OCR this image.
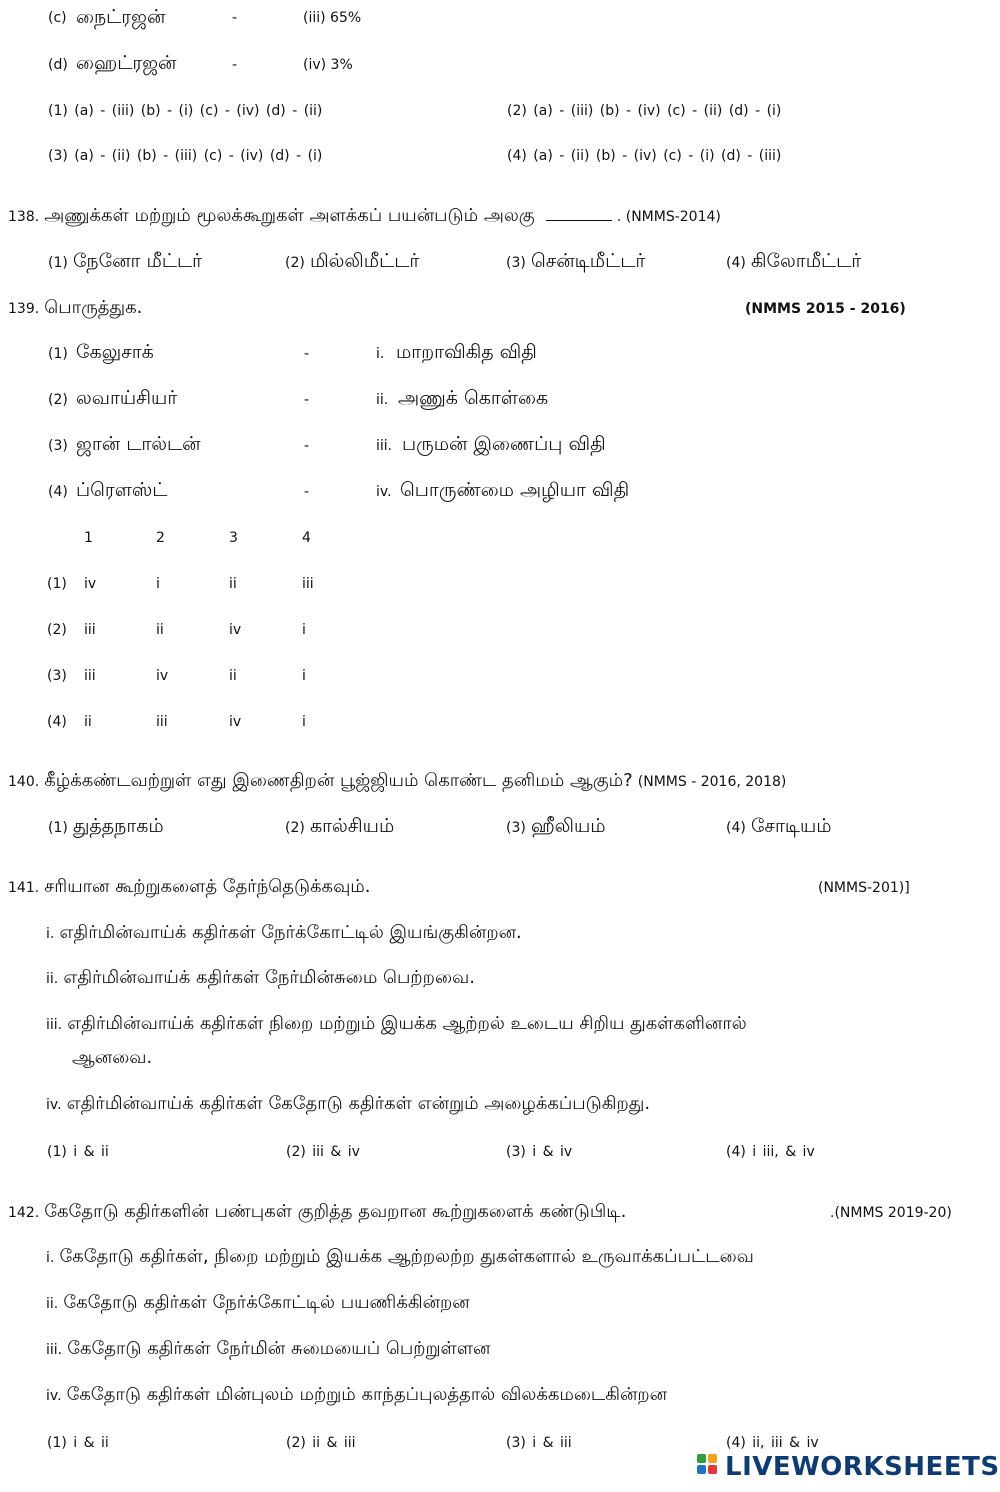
(c) நைட்ரஜன்	-	(iii) 65%
(d) ஹைட்ரஜன்	-	(iv) 3%
(1) (a) - (iii) (b) - (i) (c) - (iv) (d) - (ii)	(2) (a) - (iii) (b) - (iv) (c) - (ii) (d) - (i)
(3) (a) - (ii) (b) - (iii) (c) - (iv) (d) - (i)	(4) (a) - (ii) (b) - (iv) (c) - (i) (d) - (iii)
138. அணுக்கள் மற்றும் மூலக்கூறுகள் அளக்கப் பயன்படும் அலகு	. (NMMS-2014)
(1) நேனோ மீட்டர்	(2) மில்லிமீட்டர்	(3) சென்டிமீட்டர்	(4) கிலோமீட்டர்
139. பொருத்துக.	(NMMS 2015 - 2016)
(1) கேலுசாக்	-	i. மாறாவிகித விதி
(2) லவாய்சியர்	-	ii. அணுக் கொள்கை
(3) ஜான் டால்டன்	-	iii. பருமன் இணைப்பு விதி
(4) ப்ரௌஸ்ட்	-	iv. பொருண்மை அழியா விதி
1	2	3	4
(1) iv	i	ii	iii
(2) iii	ii	iv	i
(3) iii	iv	ii	i
(4) ii	iii	iv	i
140. கீழ்க்கண்டவற்றுள் எது இணைதிறன் பூஜ்ஜியம் கொண்ட தனிமம் ஆகும்? (NMMS - 2016, 2018)
(1) துத்தநாகம்	(2) கால்சியம்	(3) ஹீலியம்	(4) சோடியம்
141. சரியான கூற்றுகளைத் தேர்ந்தெடுக்கவும்.	(NMMS-201)]
i. எதிர்மின்வாய்க் கதிர்கள் நேர்க்கோட்டில் இயங்குகின்றன.
ii. எதிர்மின்வாய்க் கதிர்கள் நேர்மின்சுமை பெற்றவை.
iii. எதிர்மின்வாய்க் கதிர்கள் நிறை மற்றும் இயக்க ஆற்றல் உடைய சிறிய துகள்களினால்
ஆனவை.
iv. எதிர்மின்வாய்க் கதிர்கள் கேதோடு கதிர்கள் என்றும் அழைக்கப்படுகிறது.
(1) i & ii	(2) iii & iv	(3) i & iv	(4) i iii, & iv
142. கேதோடு கதிர்களின் பண்புகள் குறித்த தவறான கூற்றுகளைக் கண்டுபிடி.	.(NMMS 2019-20)
i. கேதோடு கதிர்கள், நிறை மற்றும் இயக்க ஆற்றலற்ற துகள்களால் உருவாக்கப்பட்டவை
ii. கேதோடு கதிர்கள் நேர்க்கோட்டில் பயணிக்கின்றன
iii. கேதோடு கதிர்கள் நேர்மின் சுமையைப் பெற்றுள்ளன
iv. கேதோடு கதிர்கள் மின்புலம் மற்றும் காந்தப்புலத்தால் விலக்கமடைகின்றன
(1) i & ii	(2) ii & iii	(3) i & iii	(4) ii, iii & iv
LIVEWORKSHEETS
